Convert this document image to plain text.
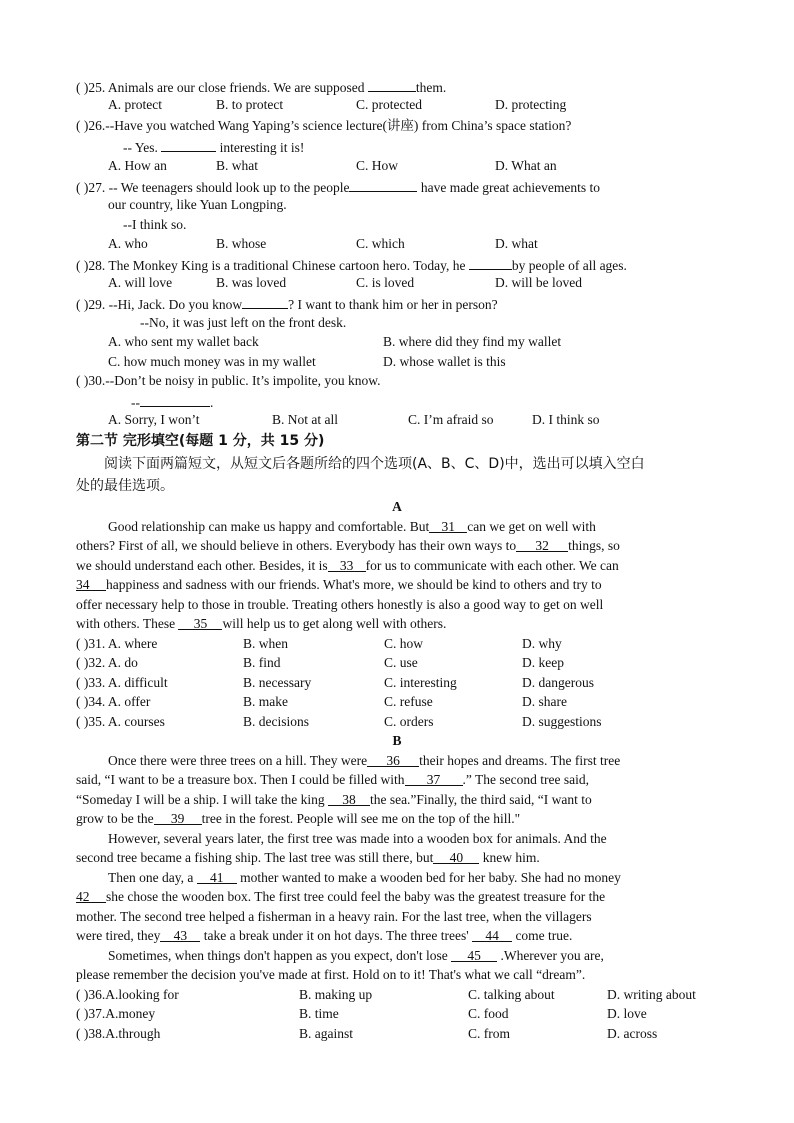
( )25. Animals are our close friends. We are supposed	them.
A. protect	B. to protect	C. protected	D. protecting
( )26.--Have you watched Wang Yaping’s science lecture(讲座) from China’s space station?
-- Yes.	interesting it is!
A. How an	B. what	C. How	D. What an
( )27. -- We teenagers should look up to the people	have made great achievements to
our country, like Yuan Longping.
--I think so.
A. who	B. whose	C. which	D. what
( )28. The Monkey King is a traditional Chinese cartoon hero. Today, he	by people of all ages.
A. will love	B. was loved	C. is loved	D. will be loved
( )29. --Hi, Jack. Do you know	? I want to thank him or her in person?
--No, it was just left on the front desk.
A. who sent my wallet back	B. where did they find my wallet
C. how much money was in my wallet	D. whose wallet is this
( )30.--Don’t be noisy in public. It’s impolite, you know.
--	.
A. Sorry, I won’t	B. Not at all	C. I’m afraid so	D. I think so
第二节 完形填空(每题 1 分，共 15 分)
阅读下面两篇短文，从短文后各题所给的四个选项(A、B、C、D)中，选出可以填入空白
处的最佳选项。
A
Good relationship can make us happy and comfortable. But 31 can we get on well with
others? First of all, we should believe in others. Everybody has their own ways to 32 things, so
we should understand each other. Besides, it is 33 for us to communicate with each other. We can
34 happiness and sadness with our friends. What's more, we should be kind to others and try to
offer necessary help to those in trouble. Treating others honestly is also a good way to get on well
with others. These 35 will help us to get along well with others.
( )31. A. where	B. when	C. how	D. why
( )32. A. do	B. find	C. use	D. keep
( )33. A. difficult	B. necessary	C. interesting	D. dangerous
( )34. A. offer	B. make	C. refuse	D. share
( )35. A. courses	B. decisions	C. orders	D. suggestions
B
Once there were three trees on a hill. They were 36 their hopes and dreams. The first tree
said, “I want to be a treasure box. Then I could be filled with 37 .” The second tree said,
“Someday I will be a ship. I will take the king 38 the sea.”Finally, the third said, “I want to
grow to be the 39 tree in the forest. People will see me on the top of the hill."
However, several years later, the first tree was made into a wooden box for animals. And the
second tree became a fishing ship. The last tree was still there, but 40 knew him.
Then one day, a 41 mother wanted to make a wooden bed for her baby. She had no money
42 she chose the wooden box. The first tree could feel the baby was the greatest treasure for the
mother. The second tree helped a fisherman in a heavy rain. For the last tree, when the villagers
were tired, they 43 take a break under it on hot days. The three trees' 44 come true.
Sometimes, when things don't happen as you expect, don't lose 45 .Wherever you are,
please remember the decision you've made at first. Hold on to it! That's what we call “dream”.
( )36.A.looking for	B. making up	C. talking about	D. writing about
( )37.A.money	B. time	C. food	D. love
( )38.A.through	B. against	C. from	D. across
